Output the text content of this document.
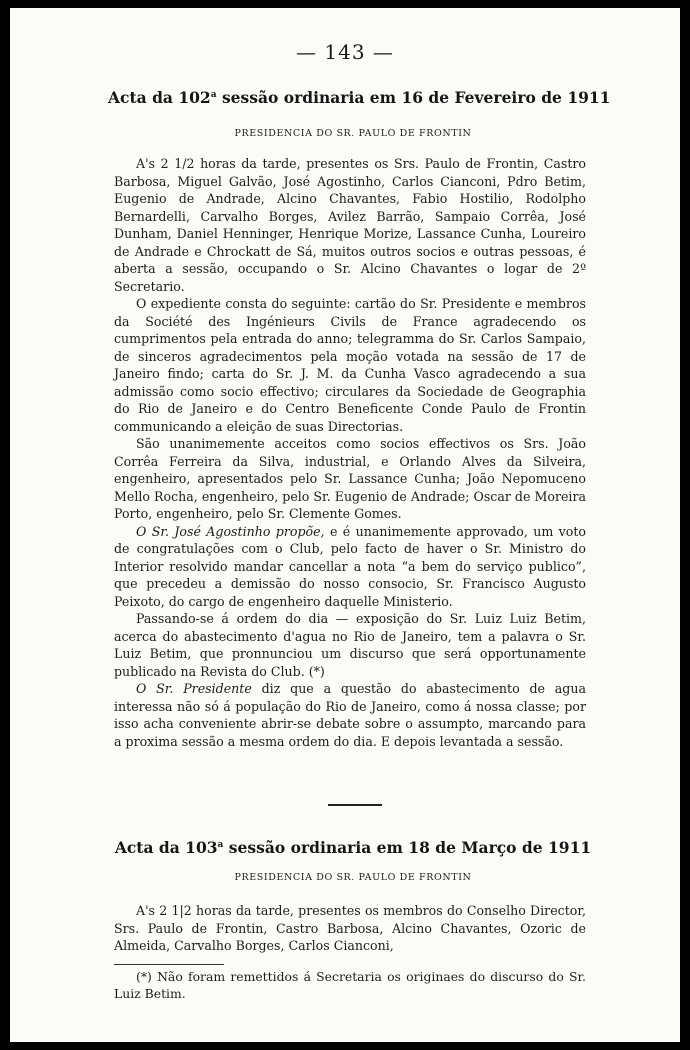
— 143 —
Acta da 102$^a$ sessão ordinaria em 16 de Fevereiro de 1911
PRESIDENCIA DO SR. PAULO DE FRONTIN

A's 2 1/2 horas da tarde, presentes os Srs. Paulo de Frontin, Castro Barbosa, Miguel Galvão, José Agostinho, Carlos Cianconi, Pdro Betim, Eugenio de Andrade, Alcino Chavantes, Fabio Hostilio, Rodolpho Bernardelli, Carvalho Borges, Avilez Barrão, Sampaio Corrêa, José Dunham, Daniel Henninger, Henrique Morize, Lassance Cunha, Loureiro de Andrade e Chrockatt de Sá, muitos outros socios e outras pessoas, é aberta a sessão, occupando o Sr. Alcino Chavantes o logar de 2º Secretario.

O expediente consta do seguinte: cartão do Sr. Presidente e membros da Société des Ingénieurs Civils de France agradecendo os cumprimentos pela entrada do anno; telegramma do Sr. Carlos Sampaio, de sinceros agradecimentos pela moção votada na sessão de 17 de Janeiro findo; carta do Sr. J. M. da Cunha Vasco agradecendo a sua admissão como socio effectivo; circulares da Sociedade de Geographia do Rio de Janeiro e do Centro Beneficente Conde Paulo de Frontin communicando a eleição de suas Directorias.

São unanimemente acceitos como socios effectivos os Srs. João Corrêa Ferreira da Silva, industrial, e Orlando Alves da Silveira, engenheiro, apresentados pelo Sr. Lassance Cunha; João Nepomuceno Mello Rocha, engenheiro, pelo Sr. Eugenio de Andrade; Oscar de Moreira Porto, engenheiro, pelo Sr. Clemente Gomes.

O Sr. José Agostinho propõe, e é unanimemente approvado, um voto de congratulações com o Club, pelo facto de haver o Sr. Ministro do Interior resolvido mandar cancellar a nota “a bem do serviço publico”, que precedeu a demissão do nosso consocio, Sr. Francisco Augusto Peixoto, do cargo de engenheiro daquelle Ministerio.

Passando-se á ordem do dia — exposição do Sr. Luiz Luiz Betim, acerca do abastecimento d'agua no Rio de Janeiro, tem a palavra o Sr. Luiz Betim, que pronnunciou um discurso que será opportunamente publicado na Revista do Club. (*)

O Sr. Presidente diz que a questão do abastecimento de agua interessa não só á população do Rio de Janeiro, como á nossa classe; por isso acha conveniente abrir-se debate sobre o assumpto, marcando para a proxima sessão a mesma ordem do dia. E depois levantada a sessão.

Acta da 103$^a$ sessão ordinaria em 18 de Março de 1911
PRESIDENCIA DO SR. PAULO DE FRONTIN

A's 2 1|2 horas da tarde, presentes os membros do Conselho Director, Srs. Paulo de Frontin, Castro Barbosa, Alcino Chavantes, Ozoric de Almeida, Carvalho Borges, Carlos Cianconi,

(*) Não foram remettidos á Secretaria os originaes do discurso do Sr. Luiz Betim.
